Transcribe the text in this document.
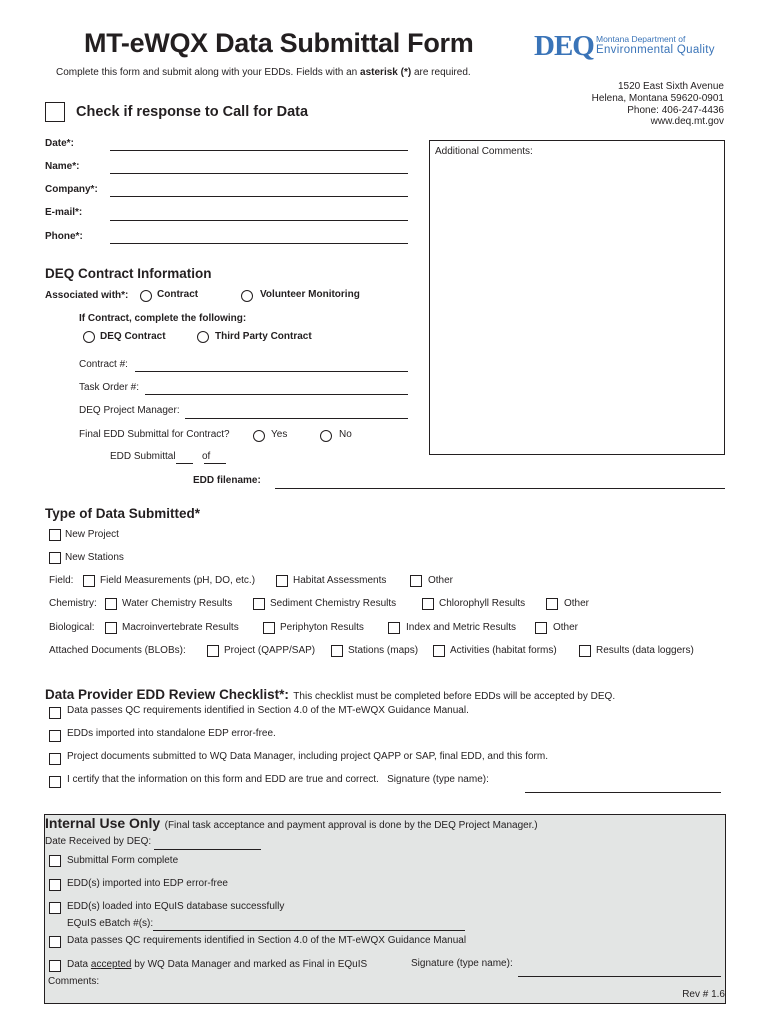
MT-eWQX Data Submittal Form
Complete this form and submit along with your EDDs. Fields with an asterisk (*) are required.
DEQ Montana Department of
Environmental Quality
1520 East Sixth Avenue
Helena, Montana 59620-0901
Phone: 406-247-4436
www.deq.mt.gov
Check if response to Call for Data
Date*:
Name*:
Company*:
E-mail*:
Phone*:
Additional Comments:
DEQ Contract Information
Associated with*:	Contract	Volunteer Monitoring
If Contract, complete the following:
DEQ Contract	Third Party Contract
Contract #:
Task Order #:
DEQ Project Manager:
Final EDD Submittal for Contract?	Yes	No
EDD Submittal	of
EDD filename:
Type of Data Submitted*
New Project
New Stations
Field:	Field Measurements (pH, DO, etc.)	Habitat Assessments	Other
Chemistry:	Water Chemistry Results	Sediment Chemistry Results	Chlorophyll Results	Other
Biological:	Macroinvertebrate Results	Periphyton Results	Index and Metric Results	Other
Attached Documents (BLOBs):	Project (QAPP/SAP)	Stations (maps)	Activities (habitat forms)	Results (data loggers)
Data Provider EDD Review Checklist*: This checklist must be completed before EDDs will be accepted by DEQ.
Data passes QC requirements identified in Section 4.0 of the MT-eWQX Guidance Manual.
EDDs imported into standalone EDP error-free.
Project documents submitted to WQ Data Manager, including project QAPP or SAP, final EDD, and this form.
I certify that the information on this form and EDD are true and correct.   Signature (type name):
Internal Use Only (Final task acceptance and payment approval is done by the DEQ Project Manager.)
Date Received by DEQ:
Submittal Form complete
EDD(s) imported into EDP error-free
EDD(s) loaded into EQuIS database successfully
EQuIS eBatch #(s):
Data passes QC requirements identified in Section 4.0 of the MT-eWQX Guidance Manual
Data accepted by WQ Data Manager and marked as Final in EQuIS	Signature (type name):
Comments:
Rev # 1.6
